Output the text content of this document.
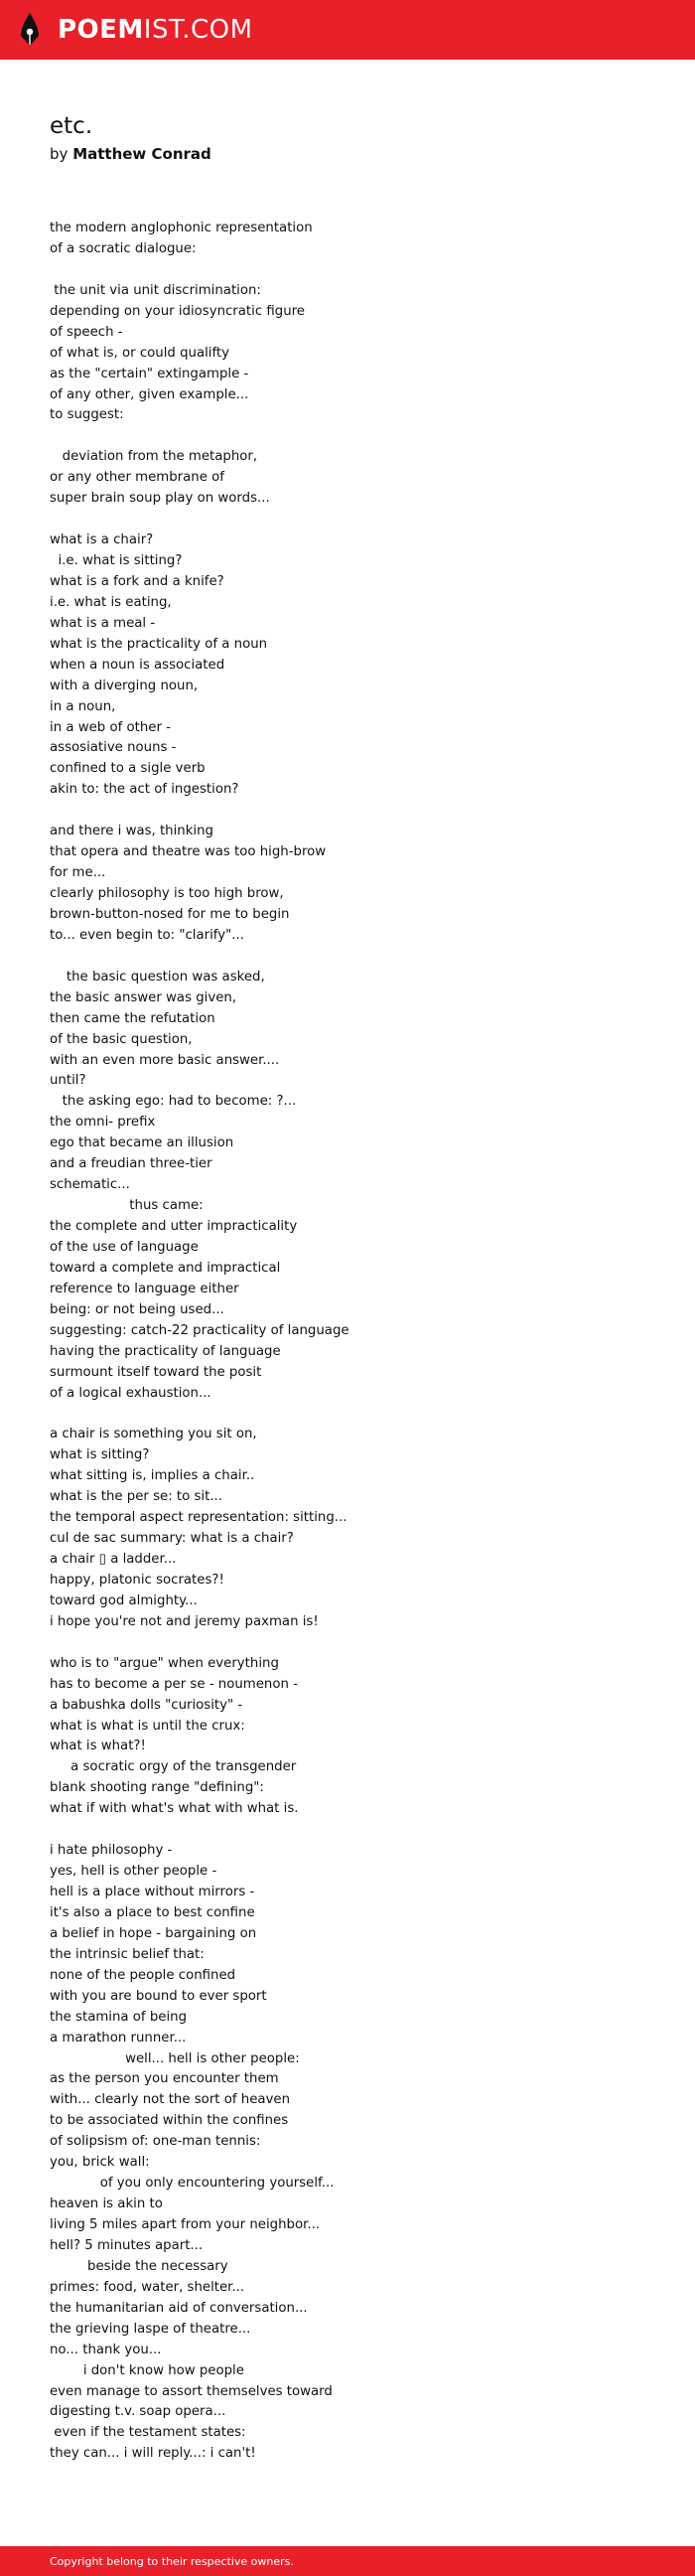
POEMIST.COM
etc.
by Matthew Conrad
the modern anglophonic representation
of a socratic dialogue:
the unit via unit discrimination:
depending on your idiosyncratic figure
of speech -
of what is, or could qualifty
as the "certain" extingample -
of any other, given example...
to suggest:
deviation from the metaphor,
or any other membrane of
super brain soup play on words...
what is a chair?
i.e. what is sitting?
what is a fork and a knife?
i.e. what is eating,
what is a meal -
what is the practicality of a noun
when a noun is associated
with a diverging noun,
in a noun,
in a web of other -
assosiative nouns -
confined to a sigle verb
akin to: the act of ingestion?
and there i was, thinking
that opera and theatre was too high-brow
for me...
clearly philosophy is too high brow,
brown-button-nosed for me to begin
to... even begin to: "clarify"...
the basic question was asked,
the basic answer was given,
then came the refutation
of the basic question,
with an even more basic answer....
until?
the asking ego: had to become: ?...
the omni- prefix
ego that became an illusion
and a freudian three-tier
schematic...
thus came:
the complete and utter impracticality
of the use of language
toward a complete and impractical
reference to language either
being: or not being used...
suggesting: catch-22 practicality of language
having the practicality of language
surmount itself toward the posit
of a logical exhaustion...
a chair is something you sit on,
what is sitting?
what sitting is, implies a chair..
what is the per se: to sit...
the temporal aspect representation: sitting...
cul de sac summary: what is a chair?
a chair ▯ a ladder...
happy, platonic socrates?!
toward god almighty...
i hope you're not and jeremy paxman is!
who is to "argue" when everything
has to become a per se - noumenon -
a babushka dolls "curiosity" -
what is what is until the crux:
what is what?!
a socratic orgy of the transgender
blank shooting range "defining":
what if with what's what with what is.
i hate philosophy -
yes, hell is other people -
hell is a place without mirrors -
it's also a place to best confine
a belief in hope - bargaining on
the intrinsic belief that:
none of the people confined
with you are bound to ever sport
the stamina of being
a marathon runner...
well... hell is other people:
as the person you encounter them
with... clearly not the sort of heaven
to be associated within the confines
of solipsism of: one-man tennis:
you, brick wall:
of you only encountering yourself...
heaven is akin to
living 5 miles apart from your neighbor...
hell? 5 minutes apart...
beside the necessary
primes: food, water, shelter...
the humanitarian aid of conversation...
the grieving laspe of theatre...
no... thank you...
i don't know how people
even manage to assort themselves toward
digesting t.v. soap opera...
even if the testament states:
they can... i will reply...: i can't!
Copyright belong to their respective owners.
